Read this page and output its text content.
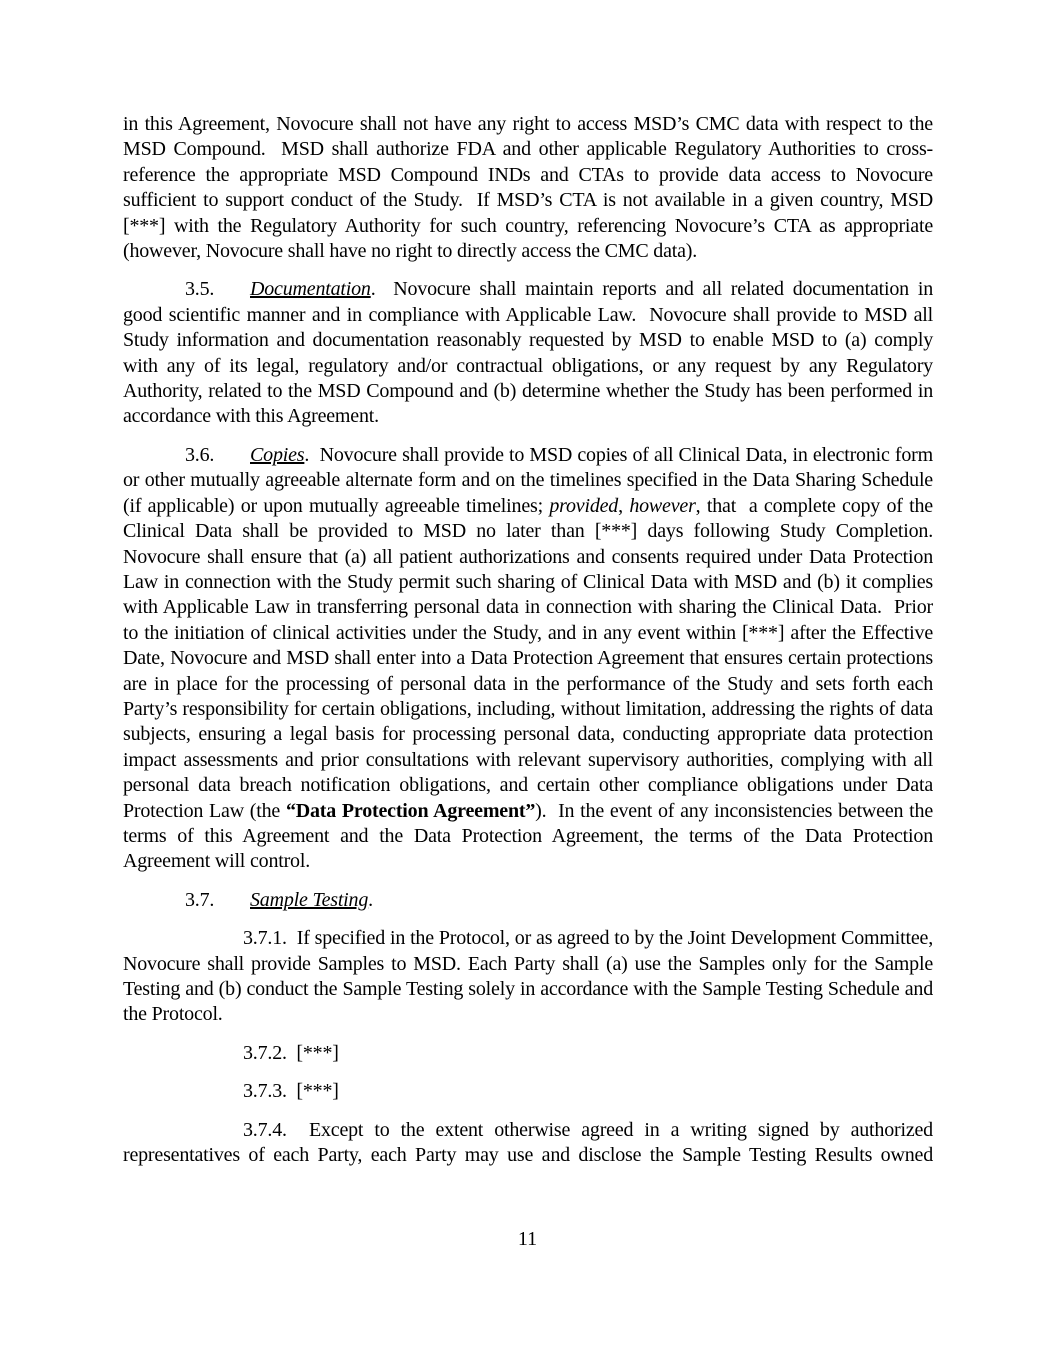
in this Agreement, Novocure shall not have any right to access MSD’s CMC data with respect to the MSD Compound.  MSD shall authorize FDA and other applicable Regulatory Authorities to cross-reference the appropriate MSD Compound INDs and CTAs to provide data access to Novocure sufficient to support conduct of the Study.  If MSD’s CTA is not available in a given country, MSD [***] with the Regulatory Authority for such country, referencing Novocure’s CTA as appropriate (however, Novocure shall have no right to directly access the CMC data).

3.5. Documentation.  Novocure shall maintain reports and all related documentation in good scientific manner and in compliance with Applicable Law.  Novocure shall provide to MSD all Study information and documentation reasonably requested by MSD to enable MSD to (a) comply with any of its legal, regulatory and/or contractual obligations, or any request by any Regulatory Authority, related to the MSD Compound and (b) determine whether the Study has been performed in accordance with this Agreement.

3.6. Copies.  Novocure shall provide to MSD copies of all Clinical Data, in electronic form or other mutually agreeable alternate form and on the timelines specified in the Data Sharing Schedule (if applicable) or upon mutually agreeable timelines; provided, however, that  a complete copy of the Clinical Data shall be provided to MSD no later than [***] days following Study Completion.  Novocure shall ensure that (a) all patient authorizations and consents required under Data Protection Law in connection with the Study permit such sharing of Clinical Data with MSD and (b) it complies with Applicable Law in transferring personal data in connection with sharing the Clinical Data.  Prior to the initiation of clinical activities under the Study, and in any event within [***] after the Effective Date, Novocure and MSD shall enter into a Data Protection Agreement that ensures certain protections are in place for the processing of personal data in the performance of the Study and sets forth each Party’s responsibility for certain obligations, including, without limitation, addressing the rights of data subjects, ensuring a legal basis for processing personal data, conducting appropriate data protection impact assessments and prior consultations with relevant supervisory authorities, complying with all personal data breach notification obligations, and certain other compliance obligations under Data Protection Law (the “Data Protection Agreement”).  In the event of any inconsistencies between the terms of this Agreement and the Data Protection Agreement, the terms of the Data Protection Agreement will control.

3.7. Sample Testing.

3.7.1.  If specified in the Protocol, or as agreed to by the Joint Development Committee, Novocure shall provide Samples to MSD. Each Party shall (a) use the Samples only for the Sample Testing and (b) conduct the Sample Testing solely in accordance with the Sample Testing Schedule and the Protocol.

3.7.2.  [***]

3.7.3.  [***]

3.7.4.  Except to the extent otherwise agreed in a writing signed by authorized representatives of each Party, each Party may use and disclose the Sample Testing Results owned

11
